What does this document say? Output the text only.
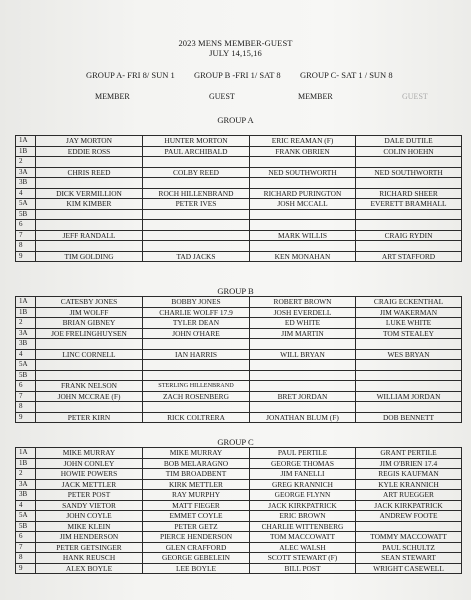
2023 MENS MEMBER-GUEST
JULY 14,15,16
GROUP A- FRI 8/ SUN 1 GROUP B -FRI 1/ SAT 8 GROUP C- SAT 1 / SUN 8
MEMBER	GUEST	MEMBER	GUEST
GROUP A
1A	JAY MORTON	HUNTER MORTON	ERIC REAMAN (F)	DALE DUTILE
1B	EDDIE ROSS	PAUL ARCHIBALD	FRANK OBRIEN	COLIN HOEHN
2				
3A	CHRIS REED	COLBY REED	NED SOUTHWORTH	NED SOUTHWORTH
3B				
4	DICK VERMILLION	ROCH HILLENBRAND	RICHARD PURINGTON	RICHARD SHEER
5A	KIM KIMBER	PETER IVES	JOSH MCCALL	EVERETT BRAMHALL
5B				
6				
7	JEFF RANDALL		MARK WILLIS	CRAIG RYDIN
8				
9	TIM GOLDING	TAD JACKS	KEN MONAHAN	ART STAFFORD
GROUP B
1A	CATESBY JONES	BOBBY JONES	ROBERT BROWN	CRAIG ECKENTHAL
1B	JIM WOLFF	CHARLIE WOLFF 17.9	JOSH EVERDELL	JIM WAKERMAN
2	BRIAN GIBNEY	TYLER DEAN	ED WHITE	LUKE WHITE
3A	JOE FRELINGHUYSEN	JOHN O'HARE	JIM MARTIN	TOM STEALEY
3B				
4	LINC CORNELL	IAN HARRIS	WILL BRYAN	WES BRYAN
5A				
5B				
6	FRANK NELSON	STERLING HILLENBRAND		
7	JOHN MCCRAE (F)	ZACH ROSENBERG	BRET JORDAN	WILLIAM JORDAN
8				
9	PETER KIRN	RICK COLTRERA	JONATHAN BLUM (F)	DOB BENNETT
GROUP C
1A	MIKE MURRAY	MIKE MURRAY	PAUL PERTILE	GRANT PERTILE
1B	JOHN CONLEY	BOB MELARAGNO	GEORGE THOMAS	JIM O'BRIEN 17.4
2	HOWIE POWERS	TIM BROADBENT	JIM FANELLI	REGIS KAUFMAN
3A	JACK METTLER	KIRK METTLER	GREG KRANNICH	KYLE KRANNICH
3B	PETER POST	RAY MURPHY	GEORGE FLYNN	ART RUEGGER
4	SANDY VIETOR	MATT FIEGER	JACK KIRKPATRICK	JACK KIRKPATRICK
5A	JOHN COYLE	EMMET COYLE	ERIC BROWN	ANDREW FOOTE
5B	MIKE KLEIN	PETER GETZ	CHARLIE WITTENBERG	
6	JIM HENDERSON	PIERCE HENDERSON	TOM MACCOWATT	TOMMY MACCOWATT
7	PETER GETSINGER	GLEN CRAFFORD	ALEC WALSH	PAUL SCHULTZ
8	HANK REUSCH	GEORGE GEBELEIN	SCOTT STEWART (F)	SEAN STEWART
9	ALEX BOYLE	LEE BOYLE	BILL POST	WRIGHT CASEWELL
